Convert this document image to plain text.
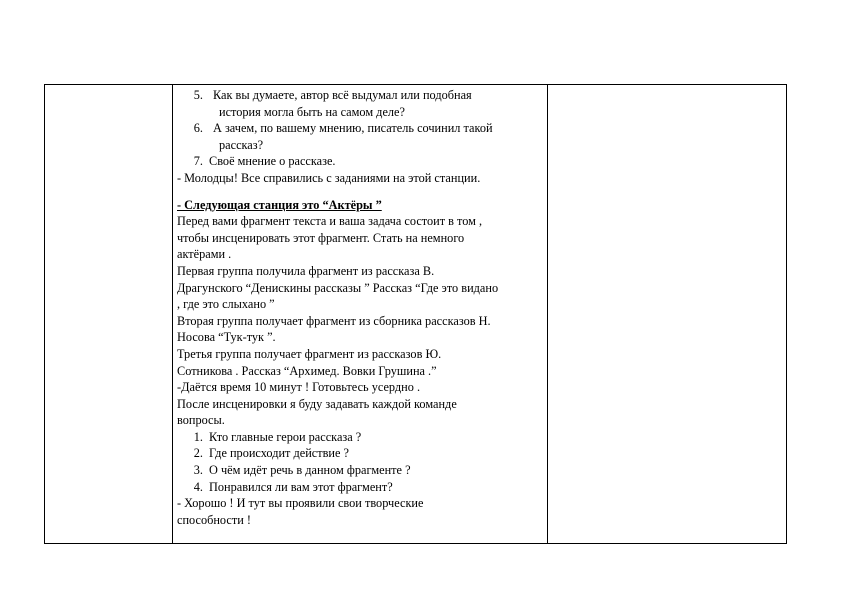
5. Как вы думаете, автор всё выдумал или подобная
история могла быть на самом деле?
6. А зачем, по вашему мнению, писатель сочинил такой
рассказ?
7. Своё мнение о рассказе.
- Молодцы! Все справились с заданиями на этой станции.
- Следующая станция это “Актёры ”
Перед вами фрагмент текста и ваша задача состоит в том ,
чтобы инсценировать этот фрагмент. Стать на немного
актёрами .
Первая группа получила фрагмент из рассказа В.
Драгунского “Денискины рассказы ” Рассказ “Где это видано
, где это слыхано ”
Вторая группа получает фрагмент из сборника рассказов Н.
Носова “Тук-тук ”.
Третья группа получает фрагмент из рассказов Ю.
Сотникова . Рассказ “Архимед. Вовки Грушина .”
-Даётся время 10 минут ! Готовьтесь усердно .
После инсценировки я буду задавать каждой команде
вопросы.
1. Кто главные герои рассказа ?
2. Где происходит действие ?
3. О чём идёт речь в данном фрагменте ?
4. Понравился ли вам этот фрагмент?
- Хорошо ! И тут вы проявили свои творческие
способности !
